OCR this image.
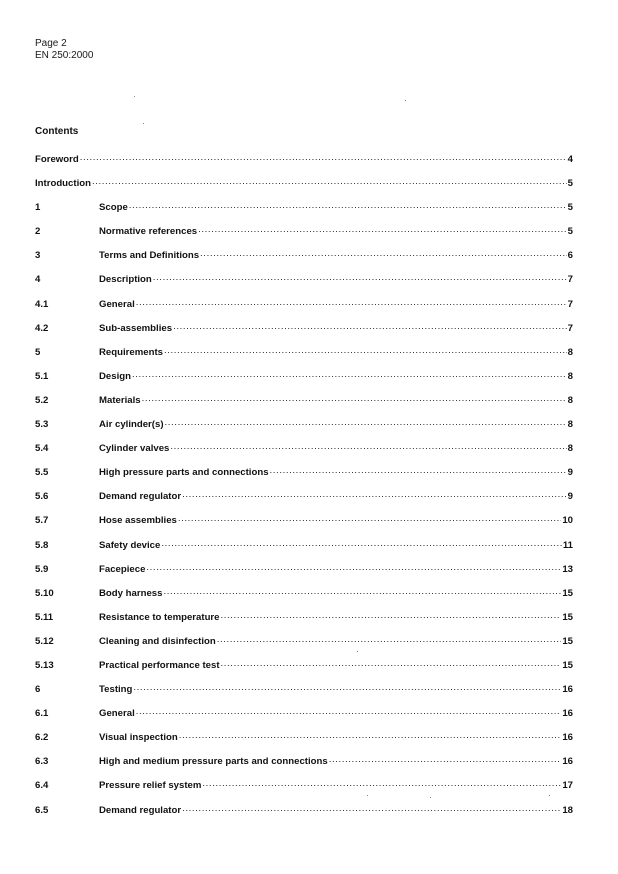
Page 2
EN 250:2000
Contents
Foreword .....	4
Introduction .....	5
1	Scope .....	5
2	Normative references .....	5
3	Terms and Definitions .....	6
4	Description .....	7
4.1	General .....	7
4.2	Sub-assemblies .....	7
5	Requirements .....	8
5.1	Design .....	8
5.2	Materials .....	8
5.3	Air cylinder(s) .....	8
5.4	Cylinder valves .....	8
5.5	High pressure parts and connections .....	9
5.6	Demand regulator .....	9
5.7	Hose assemblies .....	10
5.8	Safety device .....	11
5.9	Facepiece .....	13
5.10	Body harness .....	15
5.11	Resistance to temperature .....	15
5.12	Cleaning and disinfection .....	15
5.13	Practical performance test .....	15
6	Testing .....	16
6.1	General .....	16
6.2	Visual inspection .....	16
6.3	High and medium pressure parts and connections .....	16
6.4	Pressure relief system .....	17
6.5	Demand regulator .....	18
